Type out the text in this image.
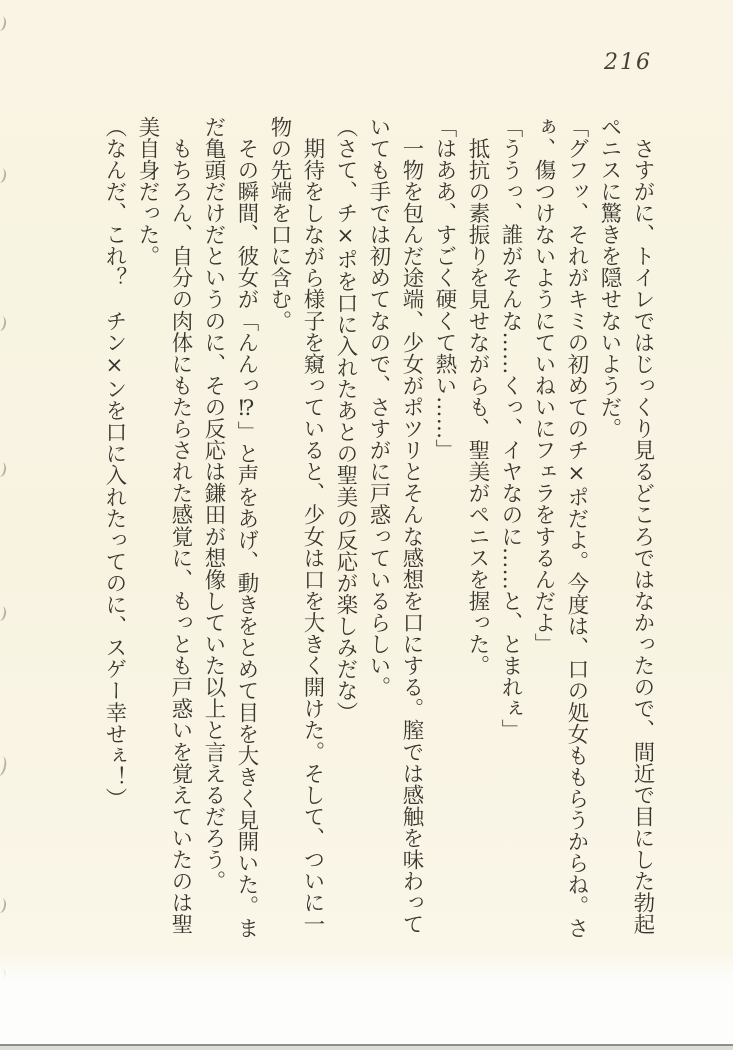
216
　さすがに、トイレではじっくり見るどころではなかったので、間近で目にした勃起
ペニスに驚きを隠せないようだ。
「グフッ、それがキミの初めてのチ×ポだよ。今度は、口の処女ももらうからね。さ
ぁ、傷つけないようにていねいにフェラをするんだよ」
「ううっ、誰がそんな……くっ、イヤなのに……と、とまれぇ」
　抵抗の素振りを見せながらも、聖美がペニスを握った。
「はああ、すごく硬くて熱い……」
　一物を包んだ途端、少女がポツリとそんな感想を口にする。膣では感触を味わって
いても手では初めてなので、さすがに戸惑っているらしい。
（さて、チ×ポを口に入れたあとの聖美の反応が楽しみだな）
　期待をしながら様子を窺っていると、少女は口を大きく開けた。そして、ついに一
物の先端を口に含む。
　その瞬間、彼女が「んんっ⁉」と声をあげ、動きをとめて目を大きく見開いた。ま
だ亀頭だけだというのに、その反応は鎌田が想像していた以上と言えるだろう。
　もちろん、自分の肉体にもたらされた感覚に、もっとも戸惑いを覚えていたのは聖
美自身だった。
（なんだ、これ？　チン×ンを口に入れたってのに、スゲー幸せぇ！）
